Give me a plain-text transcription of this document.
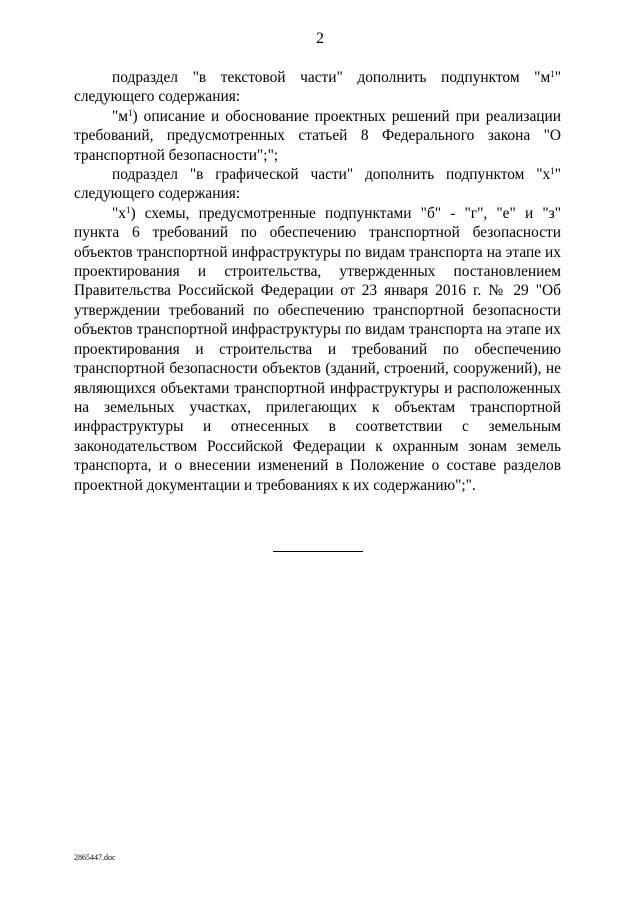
2

подраздел "в текстовой части" дополнить подпунктом "$м^1$" следующего содержания:

"$м^1$) описание и обоснование проектных решений при реализации требований, предусмотренных статьей 8 Федерального закона "О транспортной безопасности";";

подраздел "в графической части" дополнить подпунктом "$х^1$" следующего содержания:

"$х^1$) схемы, предусмотренные подпунктами "б" - "г", "е" и "з" пункта 6 требований по обеспечению транспортной безопасности объектов транспортной инфраструктуры по видам транспорта на этапе их проектирования и строительства, утвержденных постановлением Правительства Российской Федерации от 23 января 2016 г. № 29 "Об утверждении требований по обеспечению транспортной безопасности объектов транспортной инфраструктуры по видам транспорта на этапе их проектирования и строительства и требований по обеспечению транспортной безопасности объектов (зданий, строений, сооружений), не являющихся объектами транспортной инфраструктуры и расположенных на земельных участках, прилегающих к объектам транспортной инфраструктуры и отнесенных в соответствии с земельным законодательством Российской Федерации к охранным зонам земель транспорта, и о внесении изменений в Положение о составе разделов проектной документации и требованиях к их содержанию";".

2865447.doc
